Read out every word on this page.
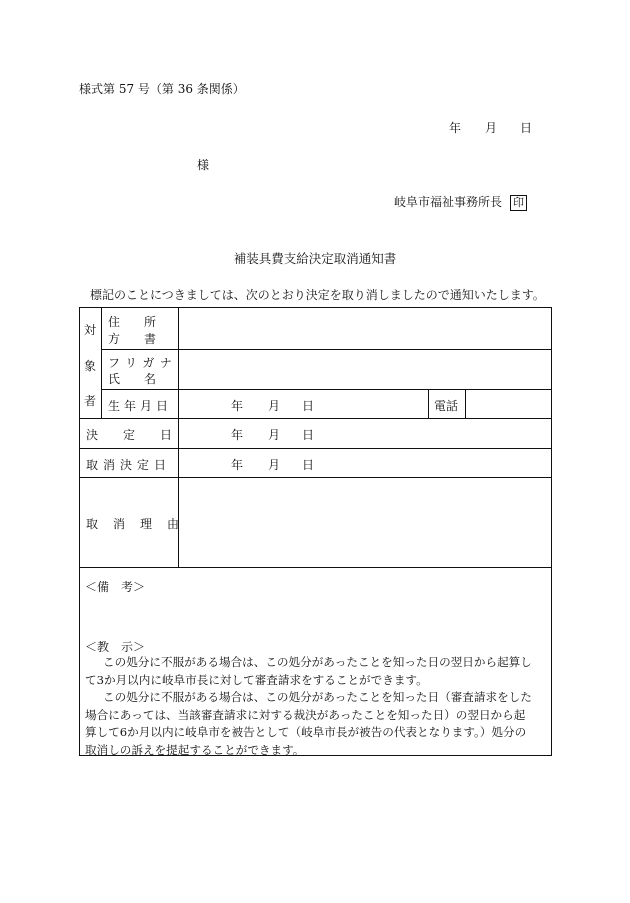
様式第 57 号（第 36 条関係）
年 月 日
様
岐阜市福祉事務所長 印
補装具費支給決定取消通知書
標記のことにつきましては、次のとおり決定を取り消しましたので通知いたします。
対
象
者
住　　所
方　　書
フリガナ
氏　　名
生年月日	年 月 日	電話
決 定 日	年 月 日
取消決定日	年 月 日
取消理由
＜備　考＞
＜教　示＞

この処分に不服がある場合は、この処分があったことを知った日の翌日から起算し

て3か月以内に岐阜市長に対して審査請求をすることができます。

この処分に不服がある場合は、この処分があったことを知った日（審査請求をした

場合にあっては、当該審査請求に対する裁決があったことを知った日）の翌日から起

算して6か月以内に岐阜市を被告として（岐阜市長が被告の代表となります。）処分の

取消しの訴えを提起することができます。
